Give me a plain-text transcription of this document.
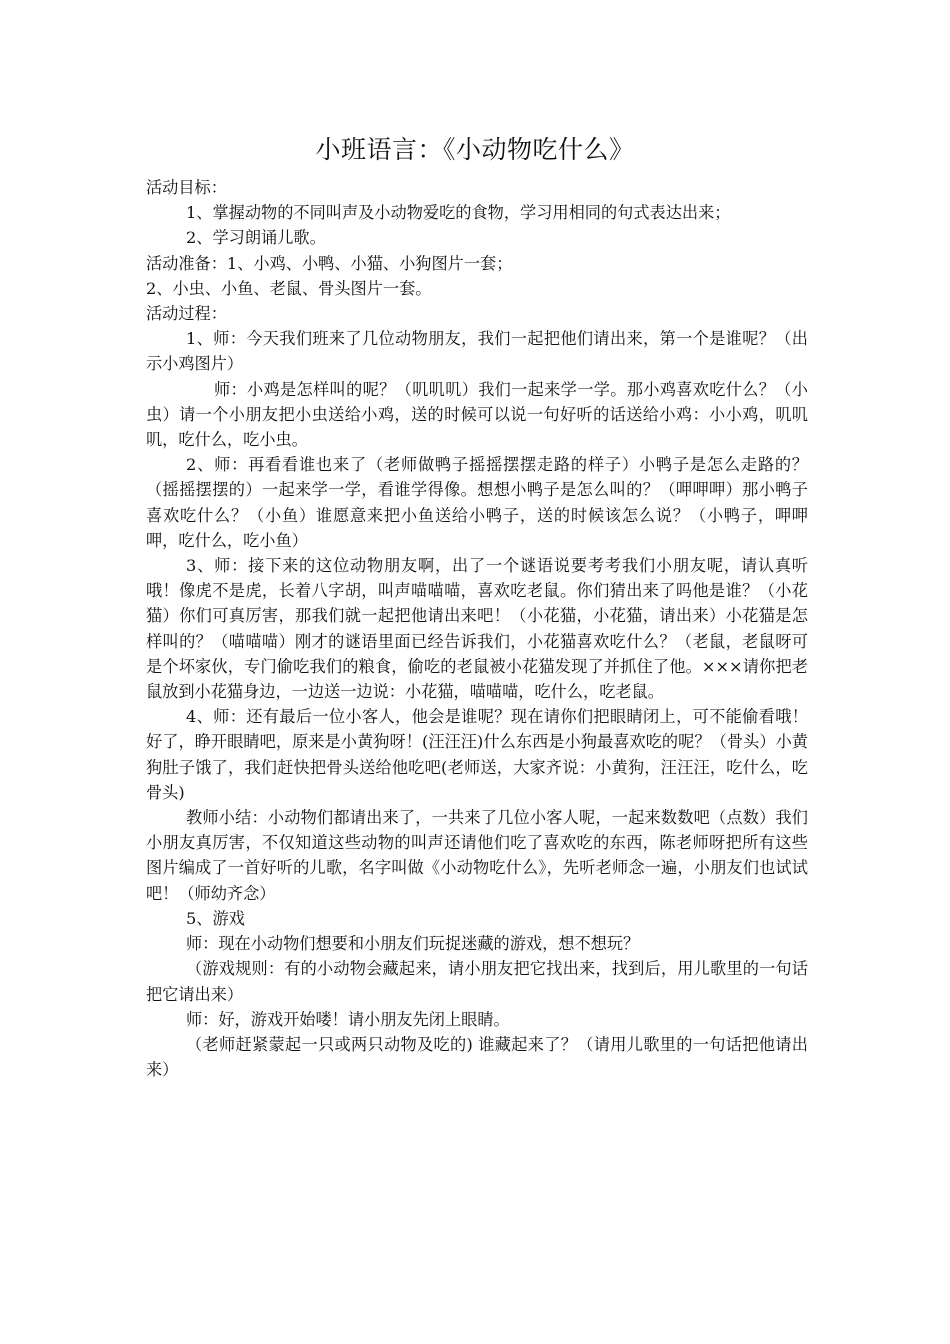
小班语言：《小动物吃什么》

活动目标：

1、掌握动物的不同叫声及小动物爱吃的食物，学习用相同的句式表达出来；

2、学习朗诵儿歌。

活动准备：1、小鸡、小鸭、小猫、小狗图片一套；

2、小虫、小鱼、老鼠、骨头图片一套。

活动过程：

1、师：今天我们班来了几位动物朋友，我们一起把他们请出来，第一个是谁呢？（出示小鸡图片）

师：小鸡是怎样叫的呢？（叽叽叽）我们一起来学一学。那小鸡喜欢吃什么？（小虫）请一个小朋友把小虫送给小鸡，送的时候可以说一句好听的话送给小鸡：小小鸡，叽叽叽，吃什么，吃小虫。

2、师：再看看谁也来了（老师做鸭子摇摇摆摆走路的样子）小鸭子是怎么走路的？（摇摇摆摆的）一起来学一学，看谁学得像。想想小鸭子是怎么叫的？（呷呷呷）那小鸭子喜欢吃什么？（小鱼）谁愿意来把小鱼送给小鸭子，送的时候该怎么说？（小鸭子，呷呷呷，吃什么，吃小鱼）

3、师：接下来的这位动物朋友啊，出了一个谜语说要考考我们小朋友呢，请认真听哦！像虎不是虎，长着八字胡，叫声喵喵喵，喜欢吃老鼠。你们猜出来了吗他是谁？（小花猫）你们可真厉害，那我们就一起把他请出来吧！（小花猫，小花猫，请出来）小花猫是怎样叫的？（喵喵喵）刚才的谜语里面已经告诉我们，小花猫喜欢吃什么？（老鼠，老鼠呀可是个坏家伙，专门偷吃我们的粮食，偷吃的老鼠被小花猫发现了并抓住了他。×××请你把老鼠放到小花猫身边，一边送一边说：小花猫，喵喵喵，吃什么，吃老鼠。

4、师：还有最后一位小客人，他会是谁呢？现在请你们把眼睛闭上，可不能偷看哦！好了，睁开眼睛吧，原来是小黄狗呀！(汪汪汪)什么东西是小狗最喜欢吃的呢？（骨头）小黄狗肚子饿了，我们赶快把骨头送给他吃吧(老师送，大家齐说：小黄狗，汪汪汪，吃什么，吃骨头)

教师小结：小动物们都请出来了，一共来了几位小客人呢，一起来数数吧（点数）我们小朋友真厉害，不仅知道这些动物的叫声还请他们吃了喜欢吃的东西，陈老师呀把所有这些图片编成了一首好听的儿歌，名字叫做《小动物吃什么》，先听老师念一遍，小朋友们也试试吧！（师幼齐念）

5、游戏

师：现在小动物们想要和小朋友们玩捉迷藏的游戏，想不想玩？

（游戏规则：有的小动物会藏起来，请小朋友把它找出来，找到后，用儿歌里的一句话把它请出来）

师：好，游戏开始喽！请小朋友先闭上眼睛。

（老师赶紧蒙起一只或两只动物及吃的) 谁藏起来了？（请用儿歌里的一句话把他请出来）
